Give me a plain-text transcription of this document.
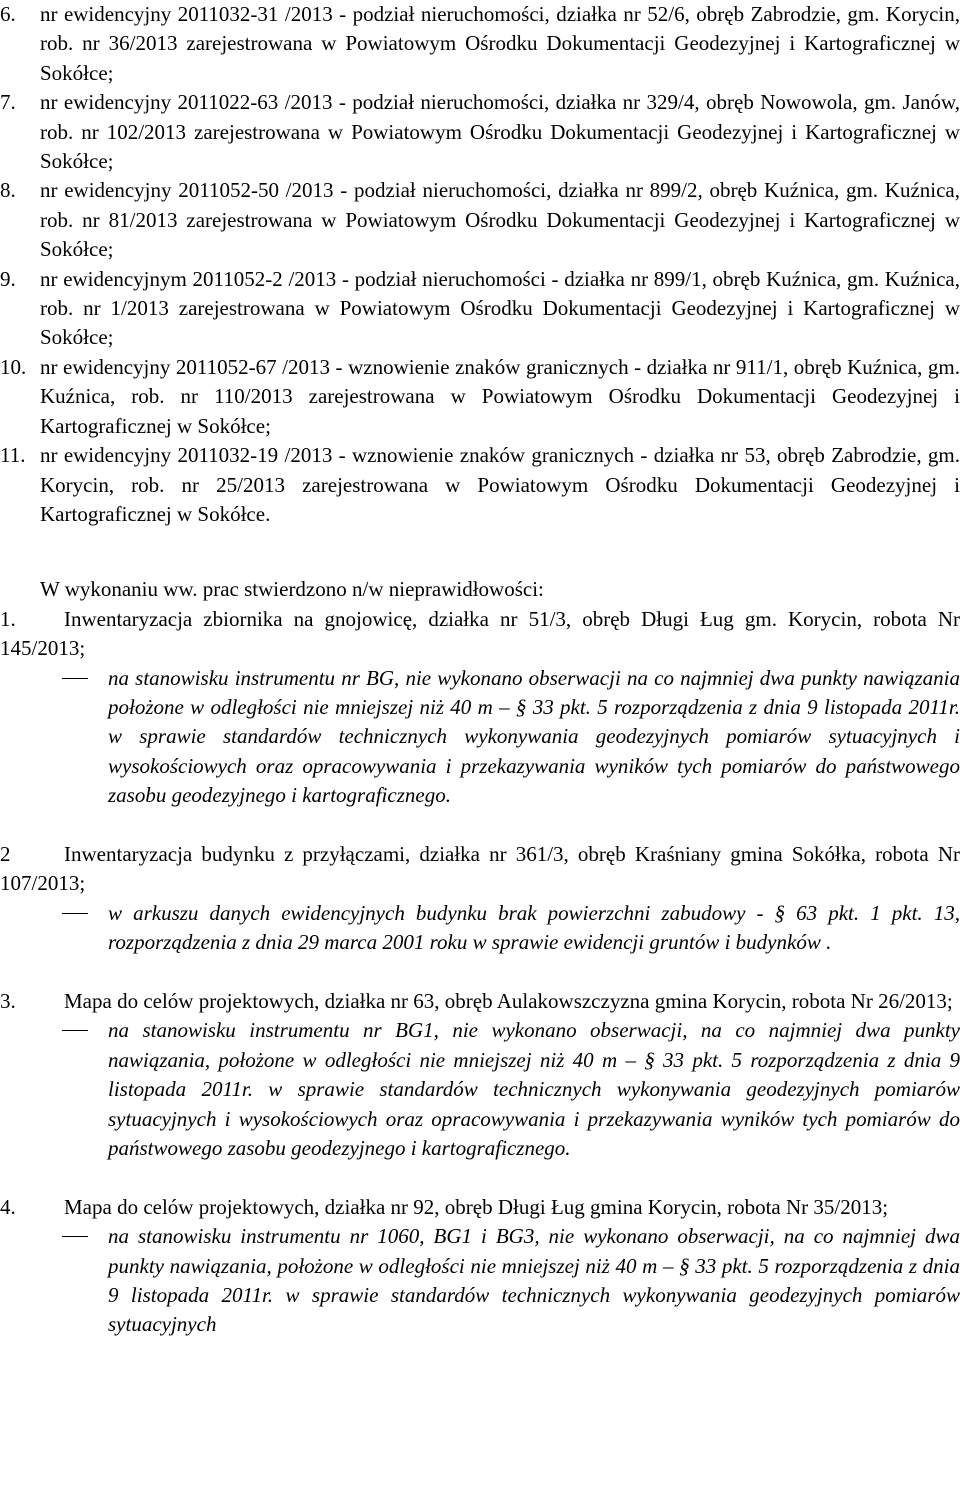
6. nr ewidencyjny 2011032-31 /2013 - podział nieruchomości, działka nr 52/6, obręb Zabrodzie, gm. Korycin, rob. nr 36/2013 zarejestrowana w Powiatowym Ośrodku Dokumentacji Geodezyjnej i Kartograficznej w Sokółce;
7. nr ewidencyjny 2011022-63 /2013 - podział nieruchomości, działka nr 329/4, obręb Nowowola, gm. Janów, rob. nr 102/2013 zarejestrowana w Powiatowym Ośrodku Dokumentacji Geodezyjnej i Kartograficznej w Sokółce;
8. nr ewidencyjny 2011052-50 /2013 - podział nieruchomości, działka nr 899/2, obręb Kuźnica, gm. Kuźnica, rob. nr 81/2013 zarejestrowana w Powiatowym Ośrodku Dokumentacji Geodezyjnej i Kartograficznej w Sokółce;
9. nr ewidencyjnym 2011052-2 /2013 - podział nieruchomości - działka nr 899/1, obręb Kuźnica, gm. Kuźnica, rob. nr 1/2013 zarejestrowana w Powiatowym Ośrodku Dokumentacji Geodezyjnej i Kartograficznej w Sokółce;
10. nr ewidencyjny 2011052-67 /2013 - wznowienie znaków granicznych - działka nr 911/1, obręb Kuźnica, gm. Kuźnica, rob. nr 110/2013 zarejestrowana w Powiatowym Ośrodku Dokumentacji Geodezyjnej i Kartograficznej w Sokółce;
11. nr ewidencyjny 2011032-19 /2013 - wznowienie znaków granicznych - działka nr 53, obręb Zabrodzie, gm. Korycin, rob. nr 25/2013 zarejestrowana w Powiatowym Ośrodku Dokumentacji Geodezyjnej i Kartograficznej w Sokółce.
W wykonaniu ww. prac stwierdzono n/w nieprawidłowości:
1.	Inwentaryzacja zbiornika na gnojowicę, działka nr 51/3, obręb Długi Ług gm. Korycin, robota Nr 145/2013;
na stanowisku instrumentu nr BG, nie wykonano obserwacji na co najmniej dwa punkty nawiązania położone w odległości nie mniejszej niż 40 m – § 33 pkt. 5 rozporządzenia z dnia 9 listopada 2011r. w sprawie standardów technicznych wykonywania geodezyjnych pomiarów sytuacyjnych i wysokościowych oraz opracowywania i przekazywania wyników tych pomiarów do państwowego zasobu geodezyjnego i kartograficznego.
2	Inwentaryzacja budynku z przyłączami, działka nr 361/3, obręb Kraśniany gmina Sokółka, robota Nr 107/2013;
w arkuszu danych ewidencyjnych budynku brak powierzchni zabudowy - § 63 pkt. 1 pkt. 13, rozporządzenia z dnia 29 marca 2001 roku w sprawie ewidencji gruntów i budynków .
3.	Mapa do celów projektowych, działka nr 63, obręb Aulakowszczyzna gmina Korycin, robota Nr 26/2013;
na stanowisku instrumentu nr BG1, nie wykonano obserwacji, na co najmniej dwa punkty nawiązania, położone w odległości nie mniejszej niż 40 m – § 33 pkt. 5 rozporządzenia z dnia 9 listopada 2011r. w sprawie standardów technicznych wykonywania geodezyjnych pomiarów sytuacyjnych i wysokościowych oraz opracowywania i przekazywania wyników tych pomiarów do państwowego zasobu geodezyjnego i kartograficznego.
4.	Mapa do celów projektowych, działka nr 92, obręb Długi Ług gmina Korycin, robota Nr 35/2013;
na stanowisku instrumentu nr 1060, BG1 i BG3, nie wykonano obserwacji, na co najmniej dwa punkty nawiązania, położone w odległości nie mniejszej niż 40 m – § 33 pkt. 5 rozporządzenia z dnia 9 listopada 2011r. w sprawie standardów technicznych wykonywania geodezyjnych pomiarów sytuacyjnych
